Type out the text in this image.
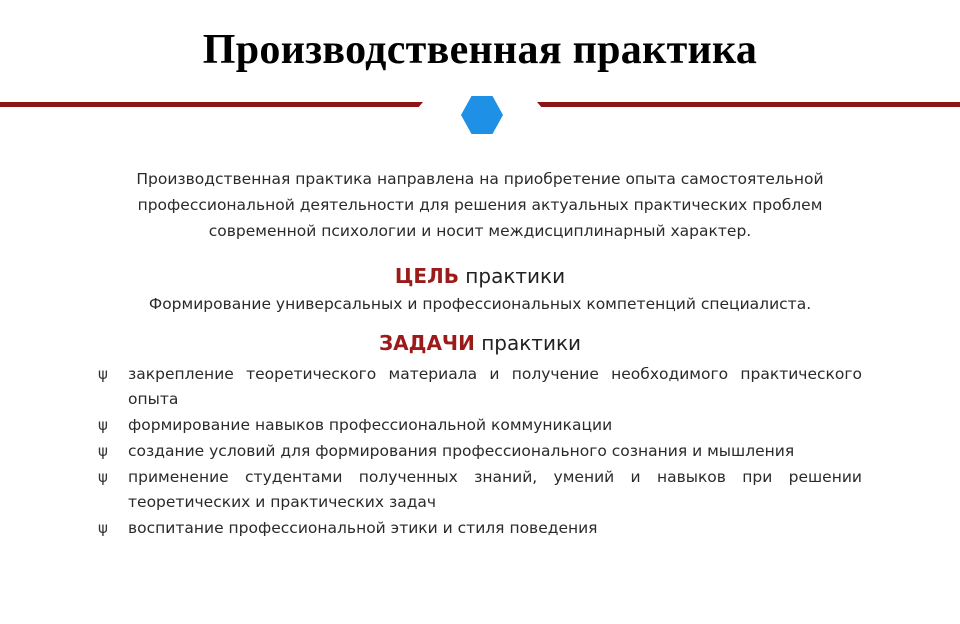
Производственная практика
Производственная практика направлена на приобретение опыта самостоятельной профессиональной деятельности для решения актуальных практических проблем современной психологии и носит междисциплинарный характер.
ЦЕЛЬ практики
Формирование универсальных и профессиональных компетенций специалиста.
ЗАДАЧИ практики
ψ	закрепление теоретического материала и получение необходимого практического опыта
ψ	формирование навыков профессиональной коммуникации
ψ	создание условий для формирования профессионального сознания и мышления
ψ	применение студентами полученных знаний, умений и навыков при решении теоретических и практических задач
ψ	воспитание профессиональной этики и стиля поведения
